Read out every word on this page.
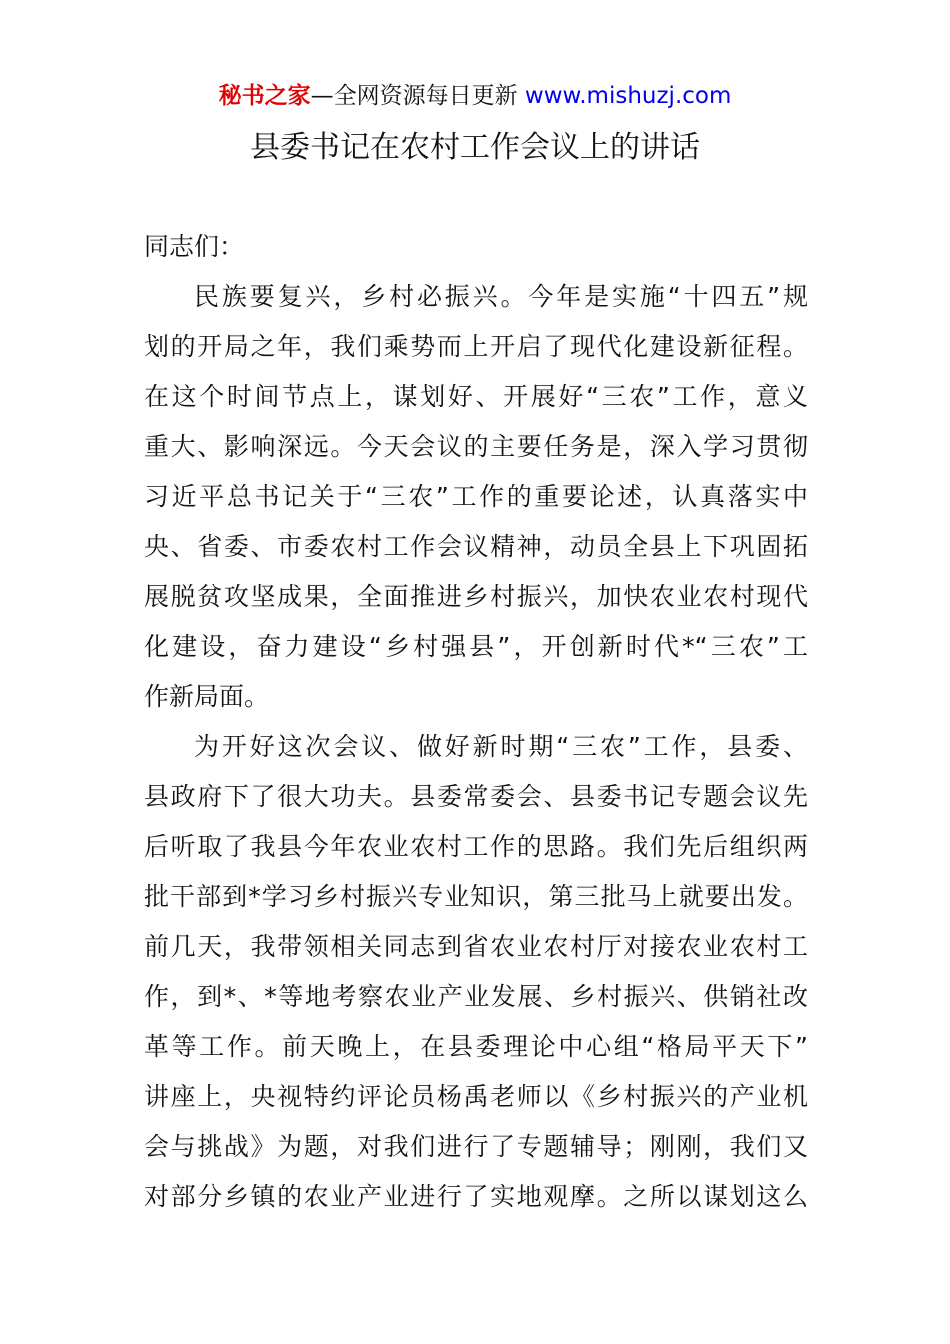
秘书之家—全网资源每日更新 www.mishuzj.com
县委书记在农村工作会议上的讲话
同志们：
民族要复兴，乡村必振兴。今年是实施“十四五”规
划的开局之年，我们乘势而上开启了现代化建设新征程。
在这个时间节点上，谋划好、开展好“三农”工作，意义
重大、影响深远。今天会议的主要任务是，深入学习贯彻
习近平总书记关于“三农”工作的重要论述，认真落实中
央、省委、市委农村工作会议精神，动员全县上下巩固拓
展脱贫攻坚成果，全面推进乡村振兴，加快农业农村现代
化建设，奋力建设“乡村强县”，开创新时代*“三农”工
作新局面。
为开好这次会议、做好新时期“三农”工作，县委、
县政府下了很大功夫。县委常委会、县委书记专题会议先
后听取了我县今年农业农村工作的思路。我们先后组织两
批干部到*学习乡村振兴专业知识，第三批马上就要出发。
前几天，我带领相关同志到省农业农村厅对接农业农村工
作，到*、*等地考察农业产业发展、乡村振兴、供销社改
革等工作。前天晚上，在县委理论中心组“格局平天下”
讲座上，央视特约评论员杨禹老师以《乡村振兴的产业机
会与挑战》为题，对我们进行了专题辅导；刚刚，我们又
对部分乡镇的农业产业进行了实地观摩。之所以谋划这么
